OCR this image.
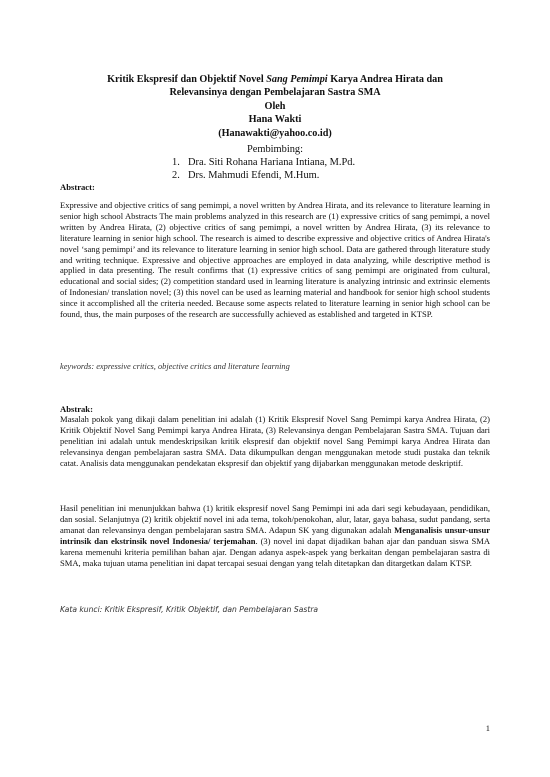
Kritik Ekspresif dan Objektif Novel Sang Pemimpi Karya Andrea Hirata dan
Relevansinya dengan Pembelajaran Sastra SMA
Oleh
Hana Wakti
(Hanawakti@yahoo.co.id)
Pembimbing:
1. Dra. Siti Rohana Hariana Intiana, M.Pd.
2. Drs. Mahmudi Efendi, M.Hum.
Abstract:

Expressive and objective critics of sang pemimpi, a novel written by Andrea Hirata, and its relevance to literature learning in senior high school Abstracts The main problems analyzed in this research are (1) expressive critics of sang pemimpi, a novel written by Andrea Hirata, (2) objective critics of sang pemimpi, a novel written by Andrea Hirata, (3) its relevance to literature learning in senior high school. The research is aimed to describe expressive and objective critics of Andrea Hirata's novel ‘sang pemimpi’ and its relevance to literature learning in senior high school. Data are gathered through literature study and writing technique. Expressive and objective approaches are employed in data analyzing, while descriptive method is applied in data presenting. The result confirms that (1) expressive critics of sang pemimpi are originated from cultural, educational and social sides; (2) competition standard used in learning literature is analyzing intrinsic and extrinsic elements of Indonesian/ translation novel; (3) this novel can be used as learning material and handbook for senior high school students since it accomplished all the criteria needed. Because some aspects related to literature learning in senior high school can be found, thus, the main purposes of the research are successfully achieved as established and targeted in KTSP.

keywords: expressive critics, objective critics and literature learning
Abstrak:

Masalah pokok yang dikaji dalam penelitian ini adalah (1) Kritik Ekspresif Novel Sang Pemimpi karya Andrea Hirata, (2) Kritik Objektif Novel Sang Pemimpi karya Andrea Hirata, (3) Relevansinya dengan Pembelajaran Sastra SMA. Tujuan dari penelitian ini adalah untuk mendeskripsikan kritik ekspresif dan objektif novel Sang Pemimpi karya Andrea Hirata dan relevansinya dengan pembelajaran sastra SMA. Data dikumpulkan dengan menggunakan metode studi pustaka dan teknik catat. Analisis data menggunakan pendekatan ekspresif dan objektif yang dijabarkan menggunakan metode deskriptif.

Hasil penelitian ini menunjukkan bahwa (1) kritik ekspresif novel Sang Pemimpi ini ada dari segi kebudayaan, pendidikan, dan sosial. Selanjutnya (2) kritik objektif novel ini ada tema, tokoh/penokohan, alur, latar, gaya bahasa, sudut pandang, serta amanat dan relevansinya dengan pembelajaran sastra SMA. Adapun SK yang digunakan adalah Menganalisis unsur-unsur intrinsik dan ekstrinsik novel Indonesia/ terjemahan. (3) novel ini dapat dijadikan bahan ajar dan panduan siswa SMA karena memenuhi kriteria pemilihan bahan ajar. Dengan adanya aspek-aspek yang berkaitan dengan pembelajaran sastra di SMA, maka tujuan utama penelitian ini dapat tercapai sesuai dengan yang telah ditetapkan dan ditargetkan dalam KTSP.

Kata kunci: Kritik Ekspresif, Kritik Objektif, dan Pembelajaran Sastra
1
